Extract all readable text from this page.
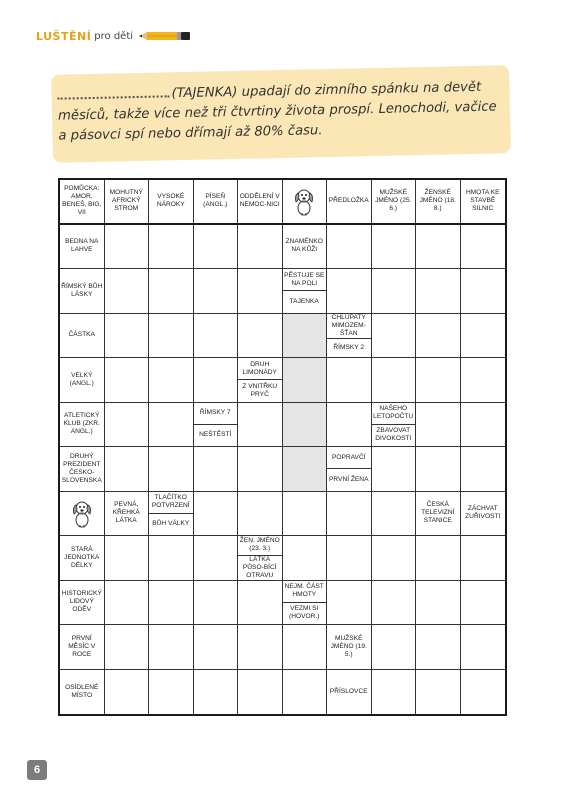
LUŠTĚNÍ pro děti
(TAJENKA) upadají do zimního spánku na devět měsíců, takže více než tři čtvrtiny života prospí. Lenochodi, vačice a pásovci spí nebo dřímají až 80% času.
POMŮCKA: AMOR, BENEŠ, BIG, VII
MOHUTNÝ AFRICKÝ STROM
VYSOKÉ NÁROKY
PÍSEŇ (ANGL.)
ODDĚLENÍ V NEMOC-NICI
PŘEDLOŽKA
MUŽSKÉ JMÉNO (25. 6.)
ŽENSKÉ JMÉNO (18. 8.)
HMOTA KE STAVBĚ SILNIC
BEDNA NA LAHVE
ZNAMÉNKO NA KŮŽI
ŘÍMSKÝ BŮH LÁSKY
PĚSTUJE SE NA POLI
TAJENKA
ČÁSTKA
CHLUPATÝ MIMOZEM-ŠŤAN
ŘÍMSKY 2
VELKÝ (ANGL.)
DRUH LIMONÁDY
Z VNITŘKU PRYČ
ATLETICKÝ KLUB (ZKR. ANGL.)
ŘÍMSKY 7
NEŠTĚSTÍ
NAŠEHO LETOPOČTU
ZBAVOVAT DIVOKOSTI
DRUHÝ PREZIDENT ČESKO-SLOVENSKA
POPRAVČÍ
PRVNÍ ŽENA
PEVNÁ, KŘEHKÁ LÁTKA
TLAČÍTKO POTVRZENÍ
BŮH VÁLKY
ČESKÁ TELEVIZNÍ STANICE
ZÁCHVAT ZUŘIVOSTI
STARÁ JEDNOTKA DÉLKY
ŽEN. JMÉNO (23. 3.)
LÁTKA PŮSO-BÍCÍ OTRAVU
HISTORICKÝ LIDOVÝ ODĚV
NEJM. ČÁST HMOTY
VEZMI SI (HOVOR.)
PRVNÍ MĚSÍC V ROCE
MUŽSKÉ JMÉNO (19. 5.)
OSÍDLENÉ MÍSTO
PŘÍSLOVCE
6
